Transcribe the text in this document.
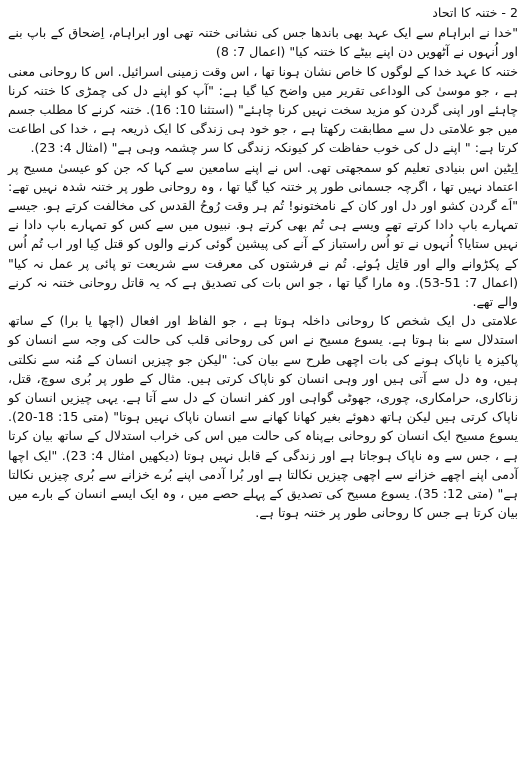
2 - ختنہ کا اتحاد

"خدا نے ابراہام سے ایک عہد بھی باندھا جس کی نشانی ختنہ تھی اور ابراہام، اِضحاق کے باپ بنے اور اُنہوں نے آٹھویں دن اپنے بیٹے کا ختنہ کیا" (اعمال 7: 8)

ختنہ کا عہد خدا کے لوگوں کا خاص نشان ہونا تھا ، اس وقت زمینی اسرائیل. اس کا روحانی معنی ہے ، جو موسیٰ کی الوداعی تقریر میں واضح کیا گیا ہے: "آپ کو اپنے دل کی چمڑی کا ختنہ کرنا چاہئے اور اپنی گردن کو مزید سخت نہیں کرنا چاہئے" (استثنا 10: 16). ختنہ کرنے کا مطلب جسم میں جو علامتی دل سے مطابقت رکھتا ہے ، جو خود ہی زندگی کا ایک ذریعہ ہے ، خدا کی اطاعت کرتا ہے: " اپنے دل کی خوب حفاظت کر کیونکہ زندگی کا سر چشمہ وہی ہے" (امثال 4: 23).

اِیٹین اس بنیادی تعلیم کو سمجھتی تھی. اس نے اپنے سامعین سے کہا کہ جن کو عیسیٰ مسیح پر اعتماد نہیں تھا ، اگرچہ جسمانی طور پر ختنہ کیا گیا تھا ، وہ روحانی طور پر ختنہ شدہ نہیں تھے: "اَے گردن کشو اور دل اور کان کے نامختونو! تُم ہر وقت رُوحُ القدس کی مخالفت کرتے ہو. جیسے تمہارے باپ دادا کرتے تھے ویسے ہی تُم بھی کرتے ہو. نبیوں میں سے کس کو تمہارے باپ دادا نے نہیں ستایا؟ اُنہوں نے تو اُس راستباز کے آنے کی پیشین گوئی کرنے والوں کو قتل کِیا اور اب تُم اُس کے پکڑوانے والے اور قاتِل ہُوئے. تُم نے فرشتوں کی معرفت سے شریعت تو پائی پر عمل نہ کیا" (اعمال 7: 51-53). وہ مارا گیا تھا ، جو اس بات کی تصدیق ہے کہ یہ قاتل روحانی ختنہ نہ کرنے والے تھے.

علامتی دل ایک شخص کا روحانی داخلہ ہوتا ہے ، جو الفاظ اور افعال (اچھا یا برا) کے ساتھ استدلال سے بنا ہوتا ہے. یسوع مسیح نے اس کی روحانی قلب کی حالت کی وجہ سے انسان کو پاکیزہ یا ناپاک ہونے کی بات اچھی طرح سے بیان کی: "لیکن جو چیزیں انسان کے مُنہ سے نکلتی ہیں، وہ دل سے آتی ہیں اور وہی انسان کو ناپاک کرتی ہیں. مثال کے طور پر بُری سوچ، قتل، زناکاری، حرامکاری، چوری، جھوٹی گواہی اور کفر انسان کے دل سے آتا ہے. یہی چیزیں انسان کو ناپاک کرتی ہیں لیکن ہاتھ دھوئے بغیر کھانا کھانے سے انسان ناپاک نہیں ہوتا" (متی 15: 18-20). یسوع مسیح ایک انسان کو روحانی بےپناہ کی حالت میں اس کی خراب استدلال کے ساتھ بیان کرتا ہے ، جس سے وہ ناپاک ہوجاتا ہے اور زندگی کے قابل نہیں ہوتا (دیکھیں امثال 4: 23). "ایک اچھا آدمی اپنے اچھے خزانے سے اچھی چیزیں نکالتا ہے اور بُرا آدمی اپنے بُرے خزانے سے بُری چیزیں نکالتا ہے" (متی 12: 35). یسوع مسیح کی تصدیق کے پہلے حصے میں ، وہ ایک ایسے انسان کے بارے میں بیان کرتا ہے جس کا روحانی طور پر ختنہ ہوتا ہے.
